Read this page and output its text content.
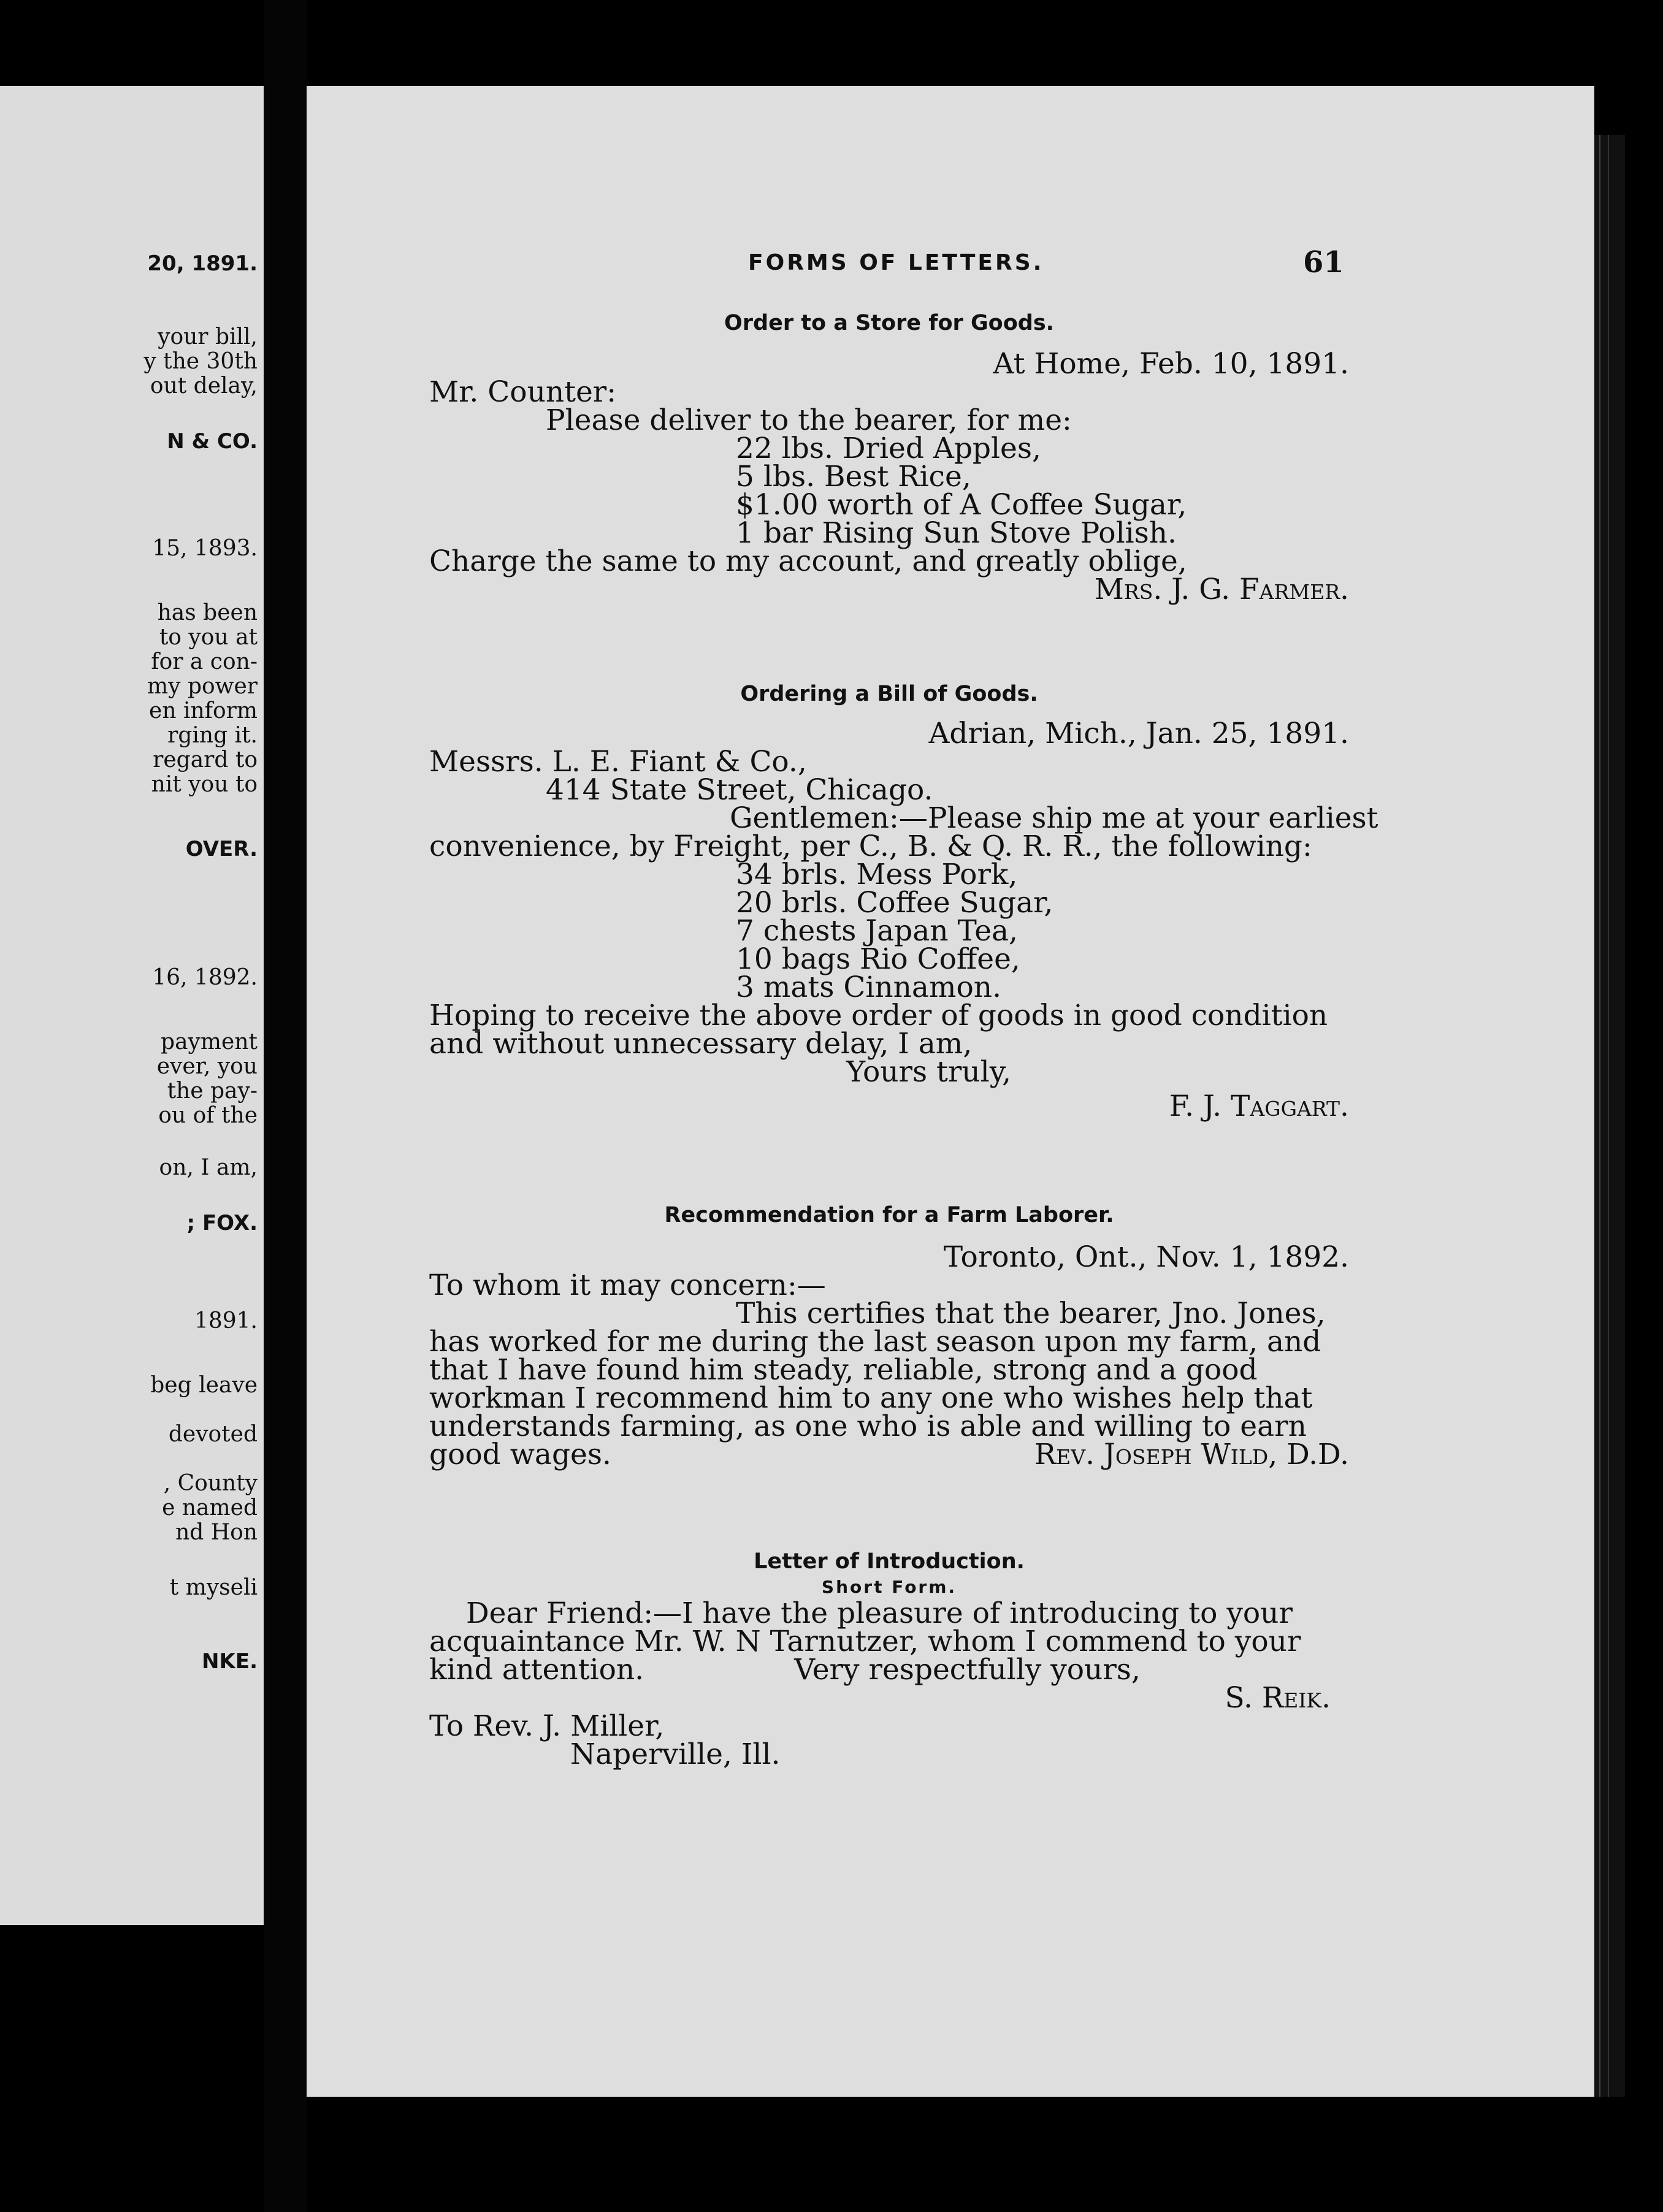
20, 1891.
your bill,
y the 30th
out delay,
N & CO.
15, 1893.
has been
to you at
for a con-
my power
en inform
rging it.
regard to
nit you to
OVER.
16, 1892.
payment
ever, you
the pay-
ou of the
on, I am,
; FOX.
1891.
beg leave
devoted
, County
e named
nd Hon
t myseli
NKE.
FORMS OF LETTERS.	61

Order to a Store for Goods.

At Home, Feb. 10, 1891.
Mr. Counter:
Please deliver to the bearer, for me:
22 lbs. Dried Apples,
5 lbs. Best Rice,
$1.00 worth of A Coffee Sugar,
1 bar Rising Sun Stove Polish.
Charge the same to my account, and greatly oblige,
Mrs. J. G. Farmer.

Ordering a Bill of Goods.

Adrian, Mich., Jan. 25, 1891.
Messrs. L. E. Fiant & Co.,
414 State Street, Chicago.
Gentlemen:—Please ship me at your earliest
convenience, by Freight, per C., B. & Q. R. R., the following:
34 brls. Mess Pork,
20 brls. Coffee Sugar,
7 chests Japan Tea,
10 bags Rio Coffee,
3 mats Cinnamon.
Hoping to receive the above order of goods in good condition
and without unnecessary delay, I am,
Yours truly,
F. J. Taggart.

Recommendation for a Farm Laborer.

Toronto, Ont., Nov. 1, 1892.
To whom it may concern:—
This certifies that the bearer, Jno. Jones,
has worked for me during the last season upon my farm, and
that I have found him steady, reliable, strong and a good
workman I recommend him to any one who wishes help that
understands farming, as one who is able and willing to earn
good wages.	Rev. Joseph Wild, D.D.

Letter of Introduction.

Short Form.

Dear Friend:—I have the pleasure of introducing to your
acquaintance Mr. W. N Tarnutzer, whom I commend to your
kind attention.	Very respectfully yours,
S. Reik.
To Rev. J. Miller,
Naperville, Ill.
